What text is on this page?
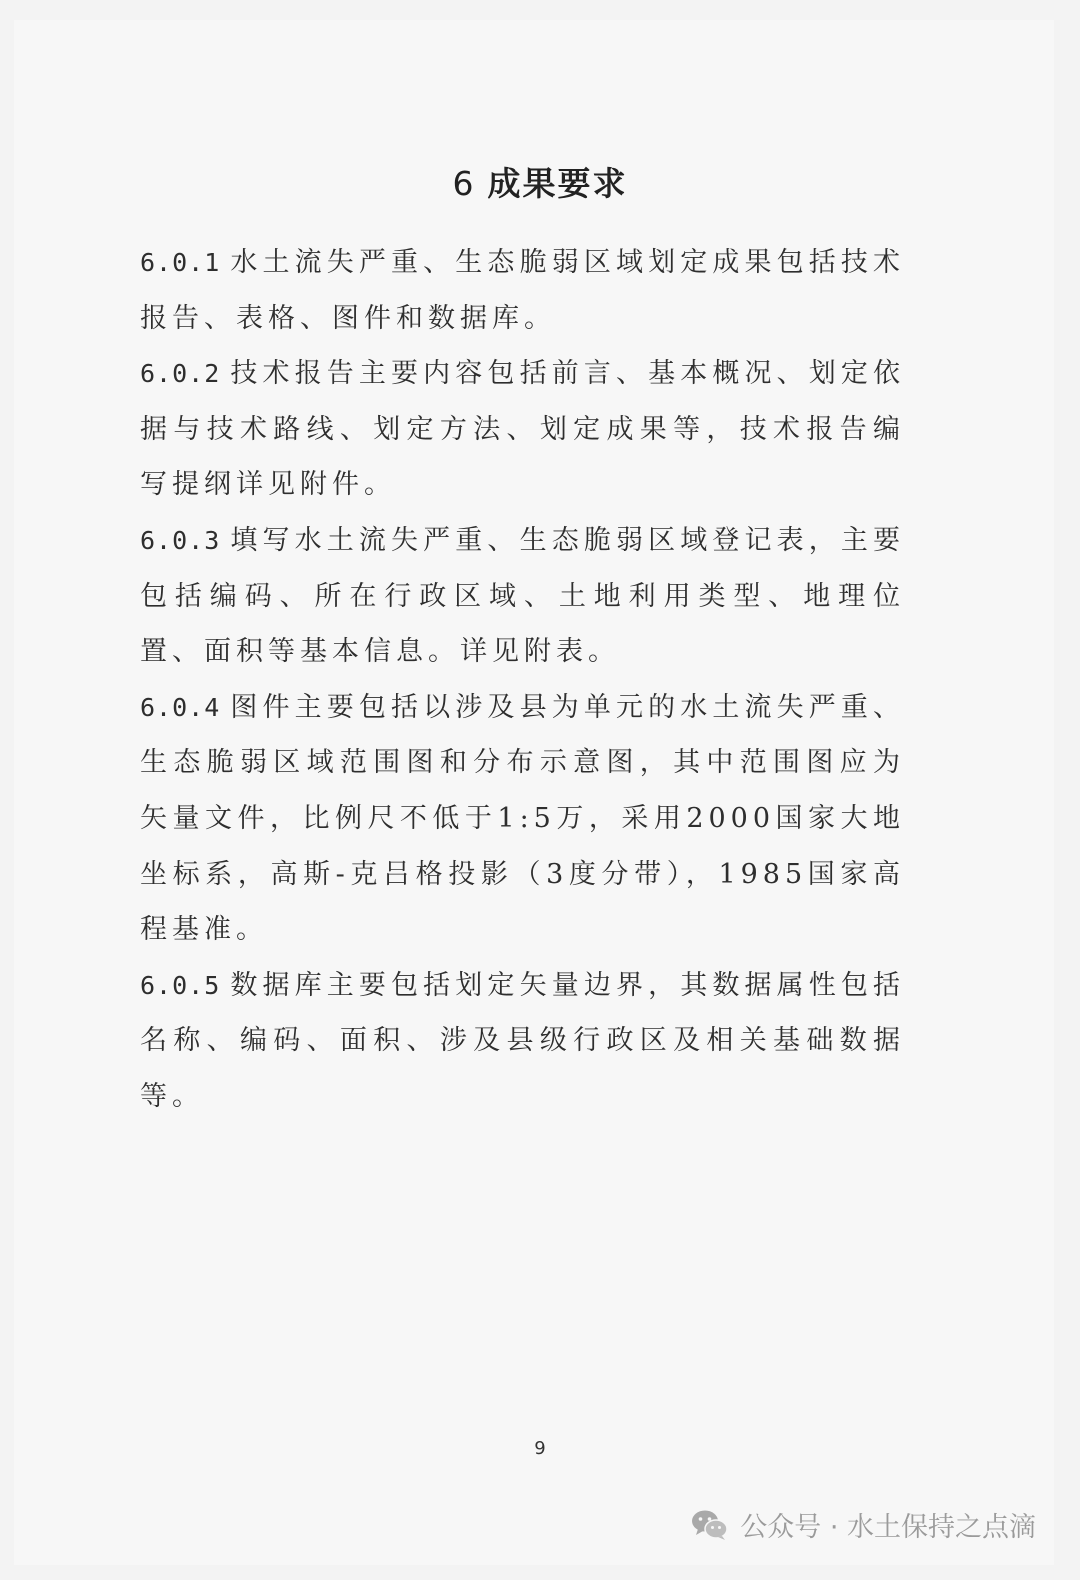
6 成果要求

6.0.1 水土流失严重、生态脆弱区域划定成果包括技术报告、表格、图件和数据库。

6.0.2 技术报告主要内容包括前言、基本概况、划定依据与技术路线、划定方法、划定成果等，技术报告编写提纲详见附件。

6.0.3 填写水土流失严重、生态脆弱区域登记表，主要包括编码、所在行政区域、土地利用类型、地理位置、面积等基本信息。详见附表。

6.0.4 图件主要包括以涉及县为单元的水土流失严重、生态脆弱区域范围图和分布示意图，其中范围图应为矢量文件，比例尺不低于1:5万，采用2000国家大地坐标系，高斯-克吕格投影（3度分带），1985国家高程基准。

6.0.5 数据库主要包括划定矢量边界，其数据属性包括名称、编码、面积、涉及县级行政区及相关基础数据等。

9
公众号 · 水土保持之点滴
